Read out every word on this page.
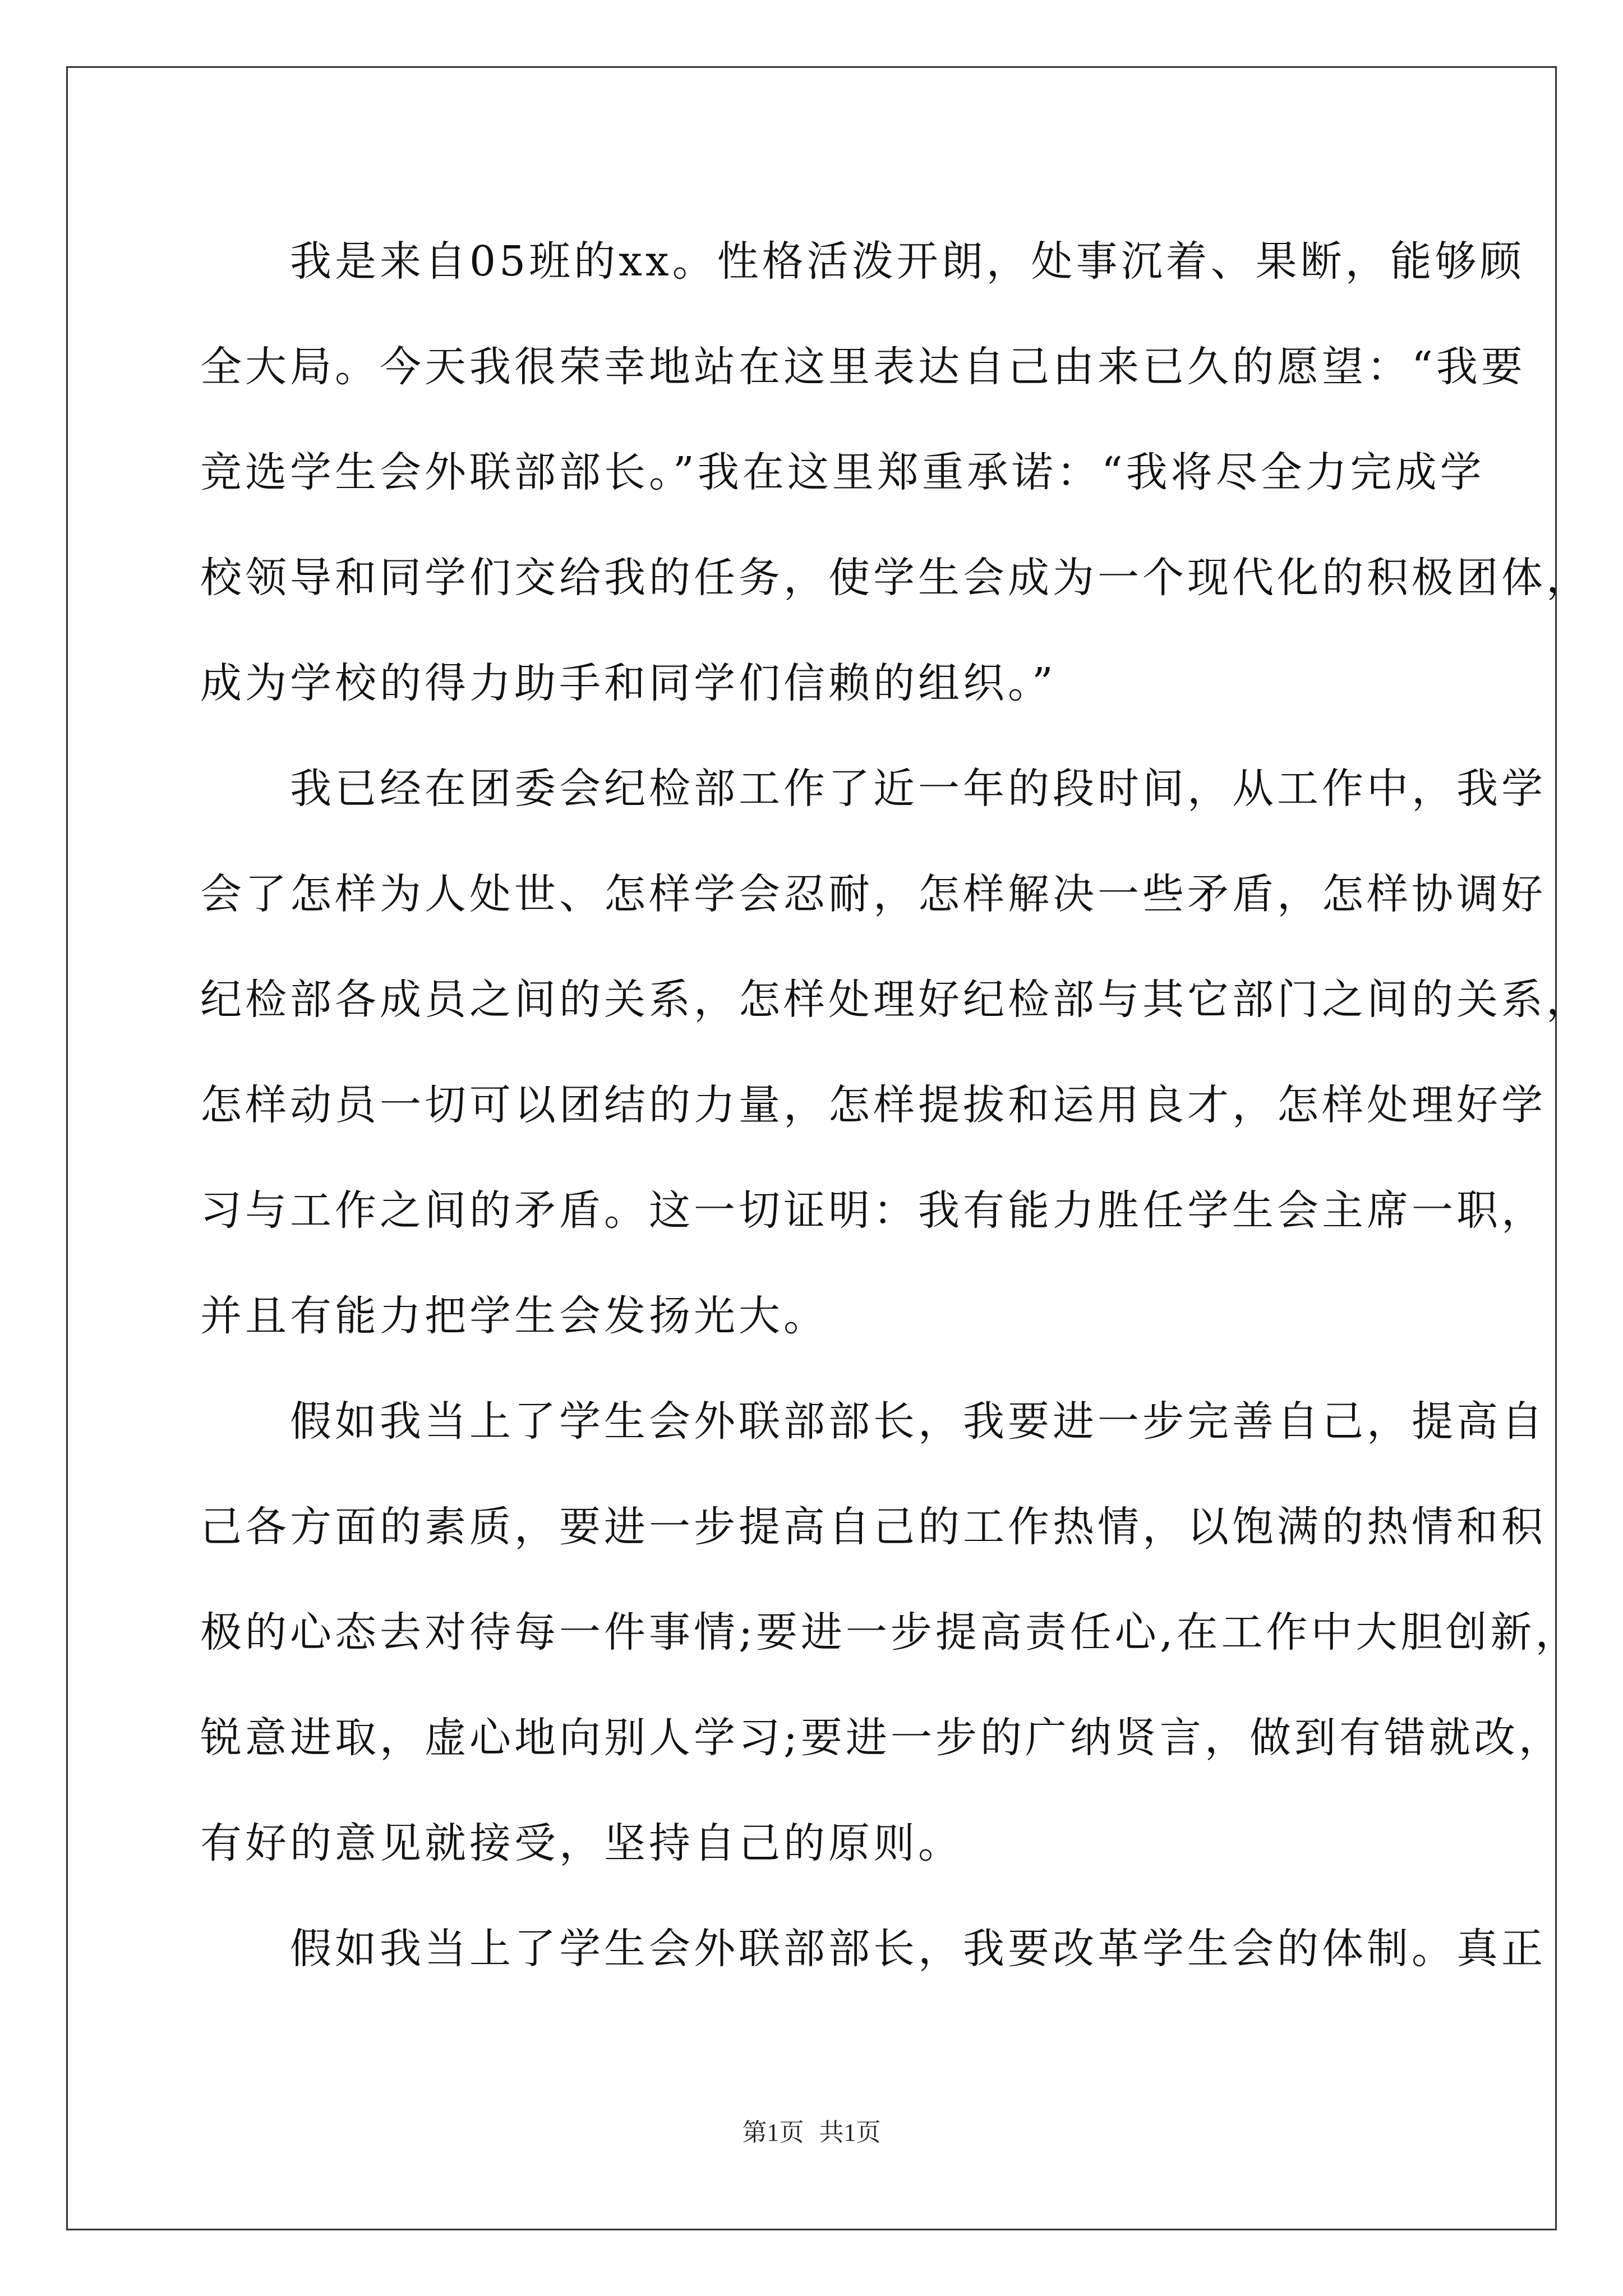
　　我是来自05班的xx。性格活泼开朗，处事沉着、果断，能够顾
全大局。今天我很荣幸地站在这里表达自己由来已久的愿望：“我要
竞选学生会外联部部长。”我在这里郑重承诺：“我将尽全力完成学
校领导和同学们交给我的任务，使学生会成为一个现代化的积极团体，
成为学校的得力助手和同学们信赖的组织。”
　　我已经在团委会纪检部工作了近一年的段时间，从工作中，我学
会了怎样为人处世、怎样学会忍耐，怎样解决一些矛盾，怎样协调好
纪检部各成员之间的关系，怎样处理好纪检部与其它部门之间的关系，
怎样动员一切可以团结的力量，怎样提拔和运用良才，怎样处理好学
习与工作之间的矛盾。这一切证明：我有能力胜任学生会主席一职，
并且有能力把学生会发扬光大。
　　假如我当上了学生会外联部部长，我要进一步完善自己，提高自
己各方面的素质，要进一步提高自己的工作热情，以饱满的热情和积
极的心态去对待每一件事情;要进一步提高责任心,在工作中大胆创新，
锐意进取，虚心地向别人学习;要进一步的广纳贤言，做到有错就改，
有好的意见就接受，坚持自己的原则。
　　假如我当上了学生会外联部部长，我要改革学生会的体制。真正
第1页 共1页
